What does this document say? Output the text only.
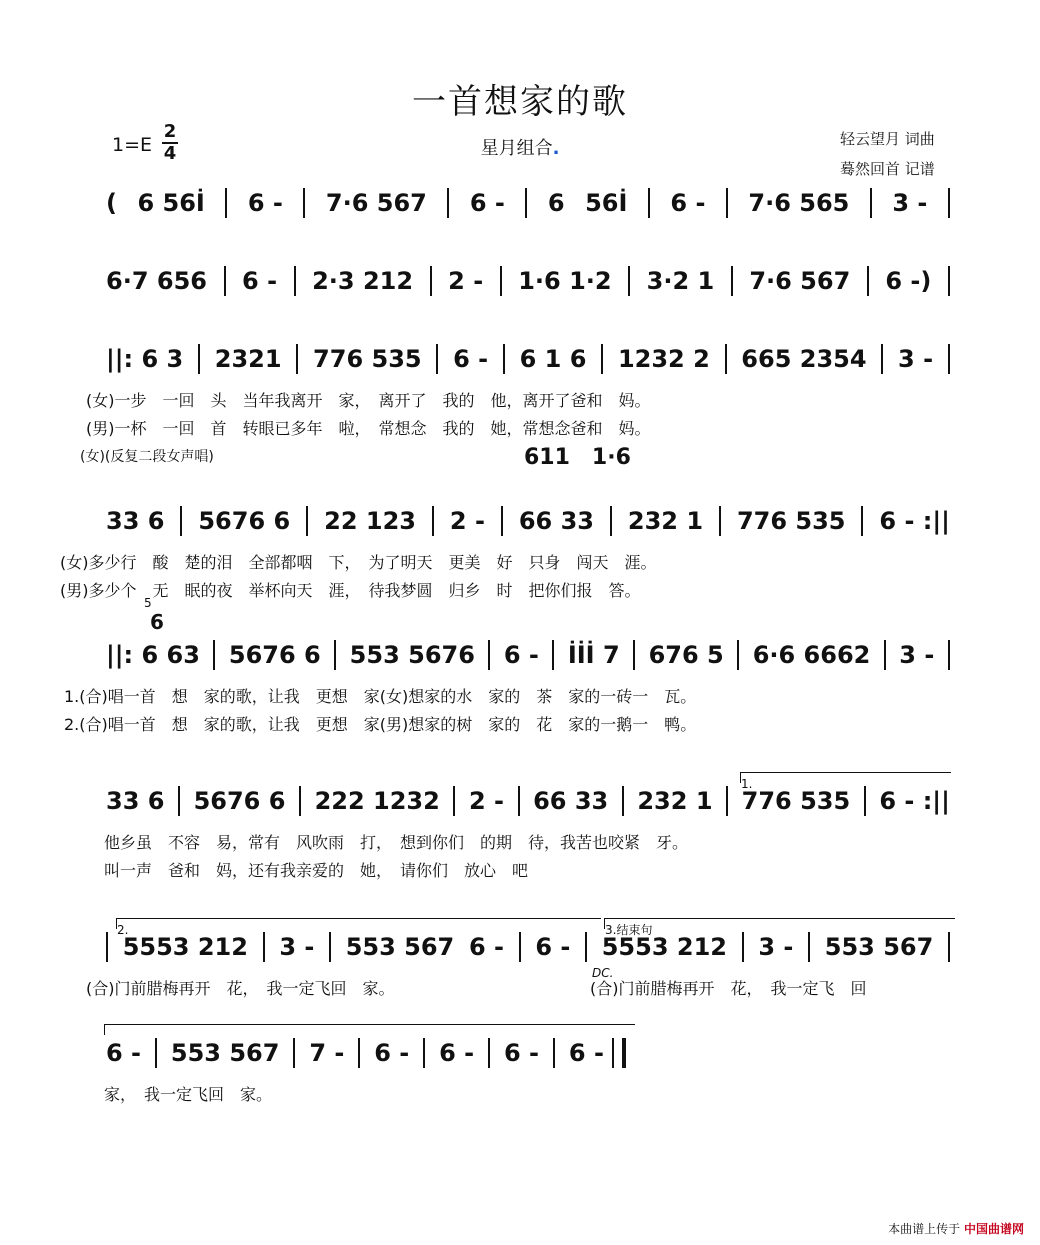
一首想家的歌
1=E
2
4	星月组合.	轻云望月 词曲
蓦然回首 记谱
( 6 56İ 6 - 7·6 567 6 - 6 56İ 6 - 7·6 565 3 -
6·7 656 6 - 2·3 212 2 - 1·6 1·2 3·2 1 7·6 567 6 -)
||: 6 3 2321 776 535 6 - 6 1 6 1232 2 665 2354 3 -
33 6 5676 6 22 123 2 - 66 33 232 1 776 535 6 - :||
||: 6 63 5676 6 553 5676 6 - İİİ 7 676 5 6·6 6662 3 -
33 6 5676 6 222 1232 2 - 66 33 232 1 776 535 6 - :||
5553 212 3 - 553 567 6 - 6 - 5553 212 3 - 553 567
6 - 553 567 7 - 6 - 6 - 6 - 6 -
(女)一步　一回　头　当年我离开　家，　离开了　我的　他，离开了爸和　妈。
(男)一杯　一回　首　转眼已多年　啦，　常想念　我的　她，常想念爸和　妈。
(女)(反复二段女声唱)	611　1·6
(女)多少行　酸　楚的泪　全部都咽　下，　为了明天　更美　好　只身　闯天　涯。
(男)多少个　无　眠的夜　举杯向天　涯，　待我梦圆　归乡　时　把你们报　答。
5
6
1.(合)唱一首　想　家的歌，让我　更想　家(女)想家的水　家的　茶　家的一砖一　瓦。
2.(合)唱一首　想　家的歌，让我　更想　家(男)想家的树　家的　花　家的一鹅一　鸭。
他乡虽　不容　易，常有　风吹雨　打，　想到你们　的期　待，我苦也咬紧　牙。
叫一声　爸和　妈，还有我亲爱的　她，　请你们　放心　吧
(合)门前腊梅再开　花，　我一定飞回　家。	(合)门前腊梅再开　花，　我一定飞　回
家，　我一定飞回　家。
1.
2.	3.结束句
DC.
本曲谱上传于 中国曲谱网
